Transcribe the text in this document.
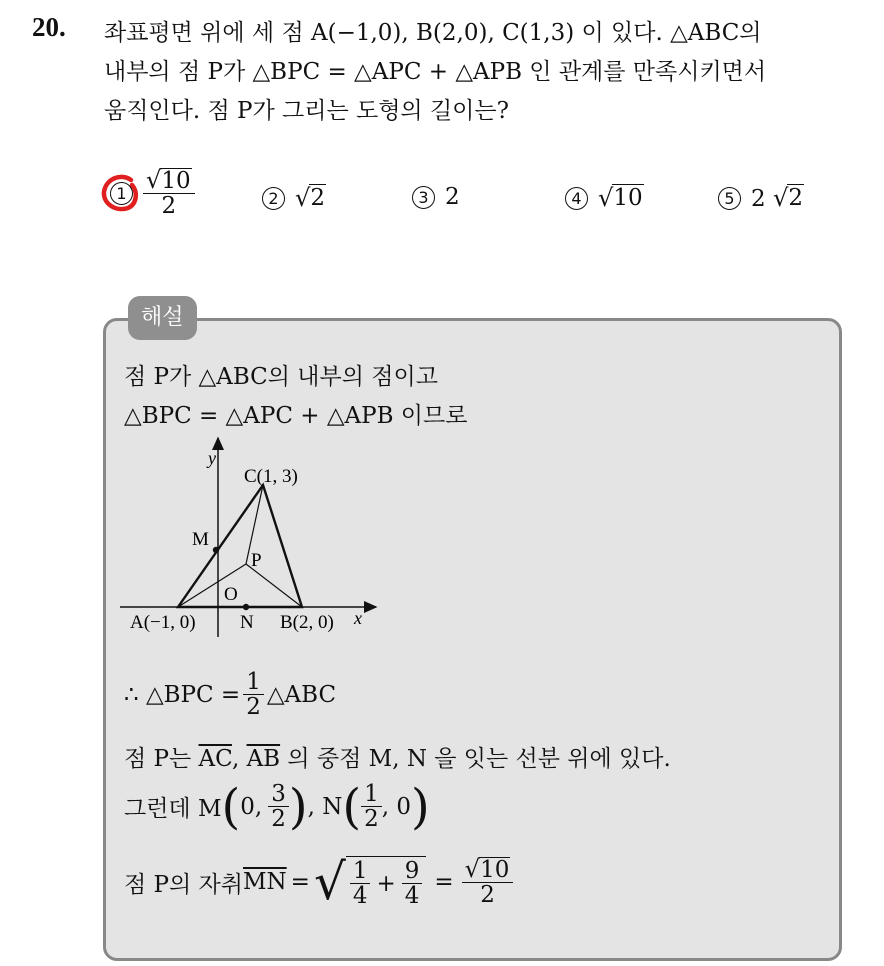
20. 좌표평면 위에 세 점 A(−1,0), B(2,0), C(1,3) 이 있다. △ABC의
내부의 점 P가 △BPC = △APC + △APB 인 관계를 만족시키면서
움직인다. 점 P가 그리는 도형의 길이는?
$1 \frac{√ 10}{2}$	2 √ 2	3 2	4 √ 10	5 2 √ 2
해설
점 P가 △ABC의 내부의 점이고
△BPC = △APC + △APB 이므로
y
x
C(1, 3)
M
P
O
A(−1, 0) N B(2, 0)
∴ △BPC = $\frac{1}{2}$ △ABC
점 P는 $\overline{AC}$, $\overline{AB}$ 의 중점 M, N 을 잇는 선분 위에 있다.
그런데 M ( 0, $\frac{3}{2}$ ) , N ( $\frac{1}{2}$ , 0 )
점 P의 자취 $\overline{MN}$ = √ $\frac{1}{4} + \frac{9}{4} = \frac{√ 10}{2}$
